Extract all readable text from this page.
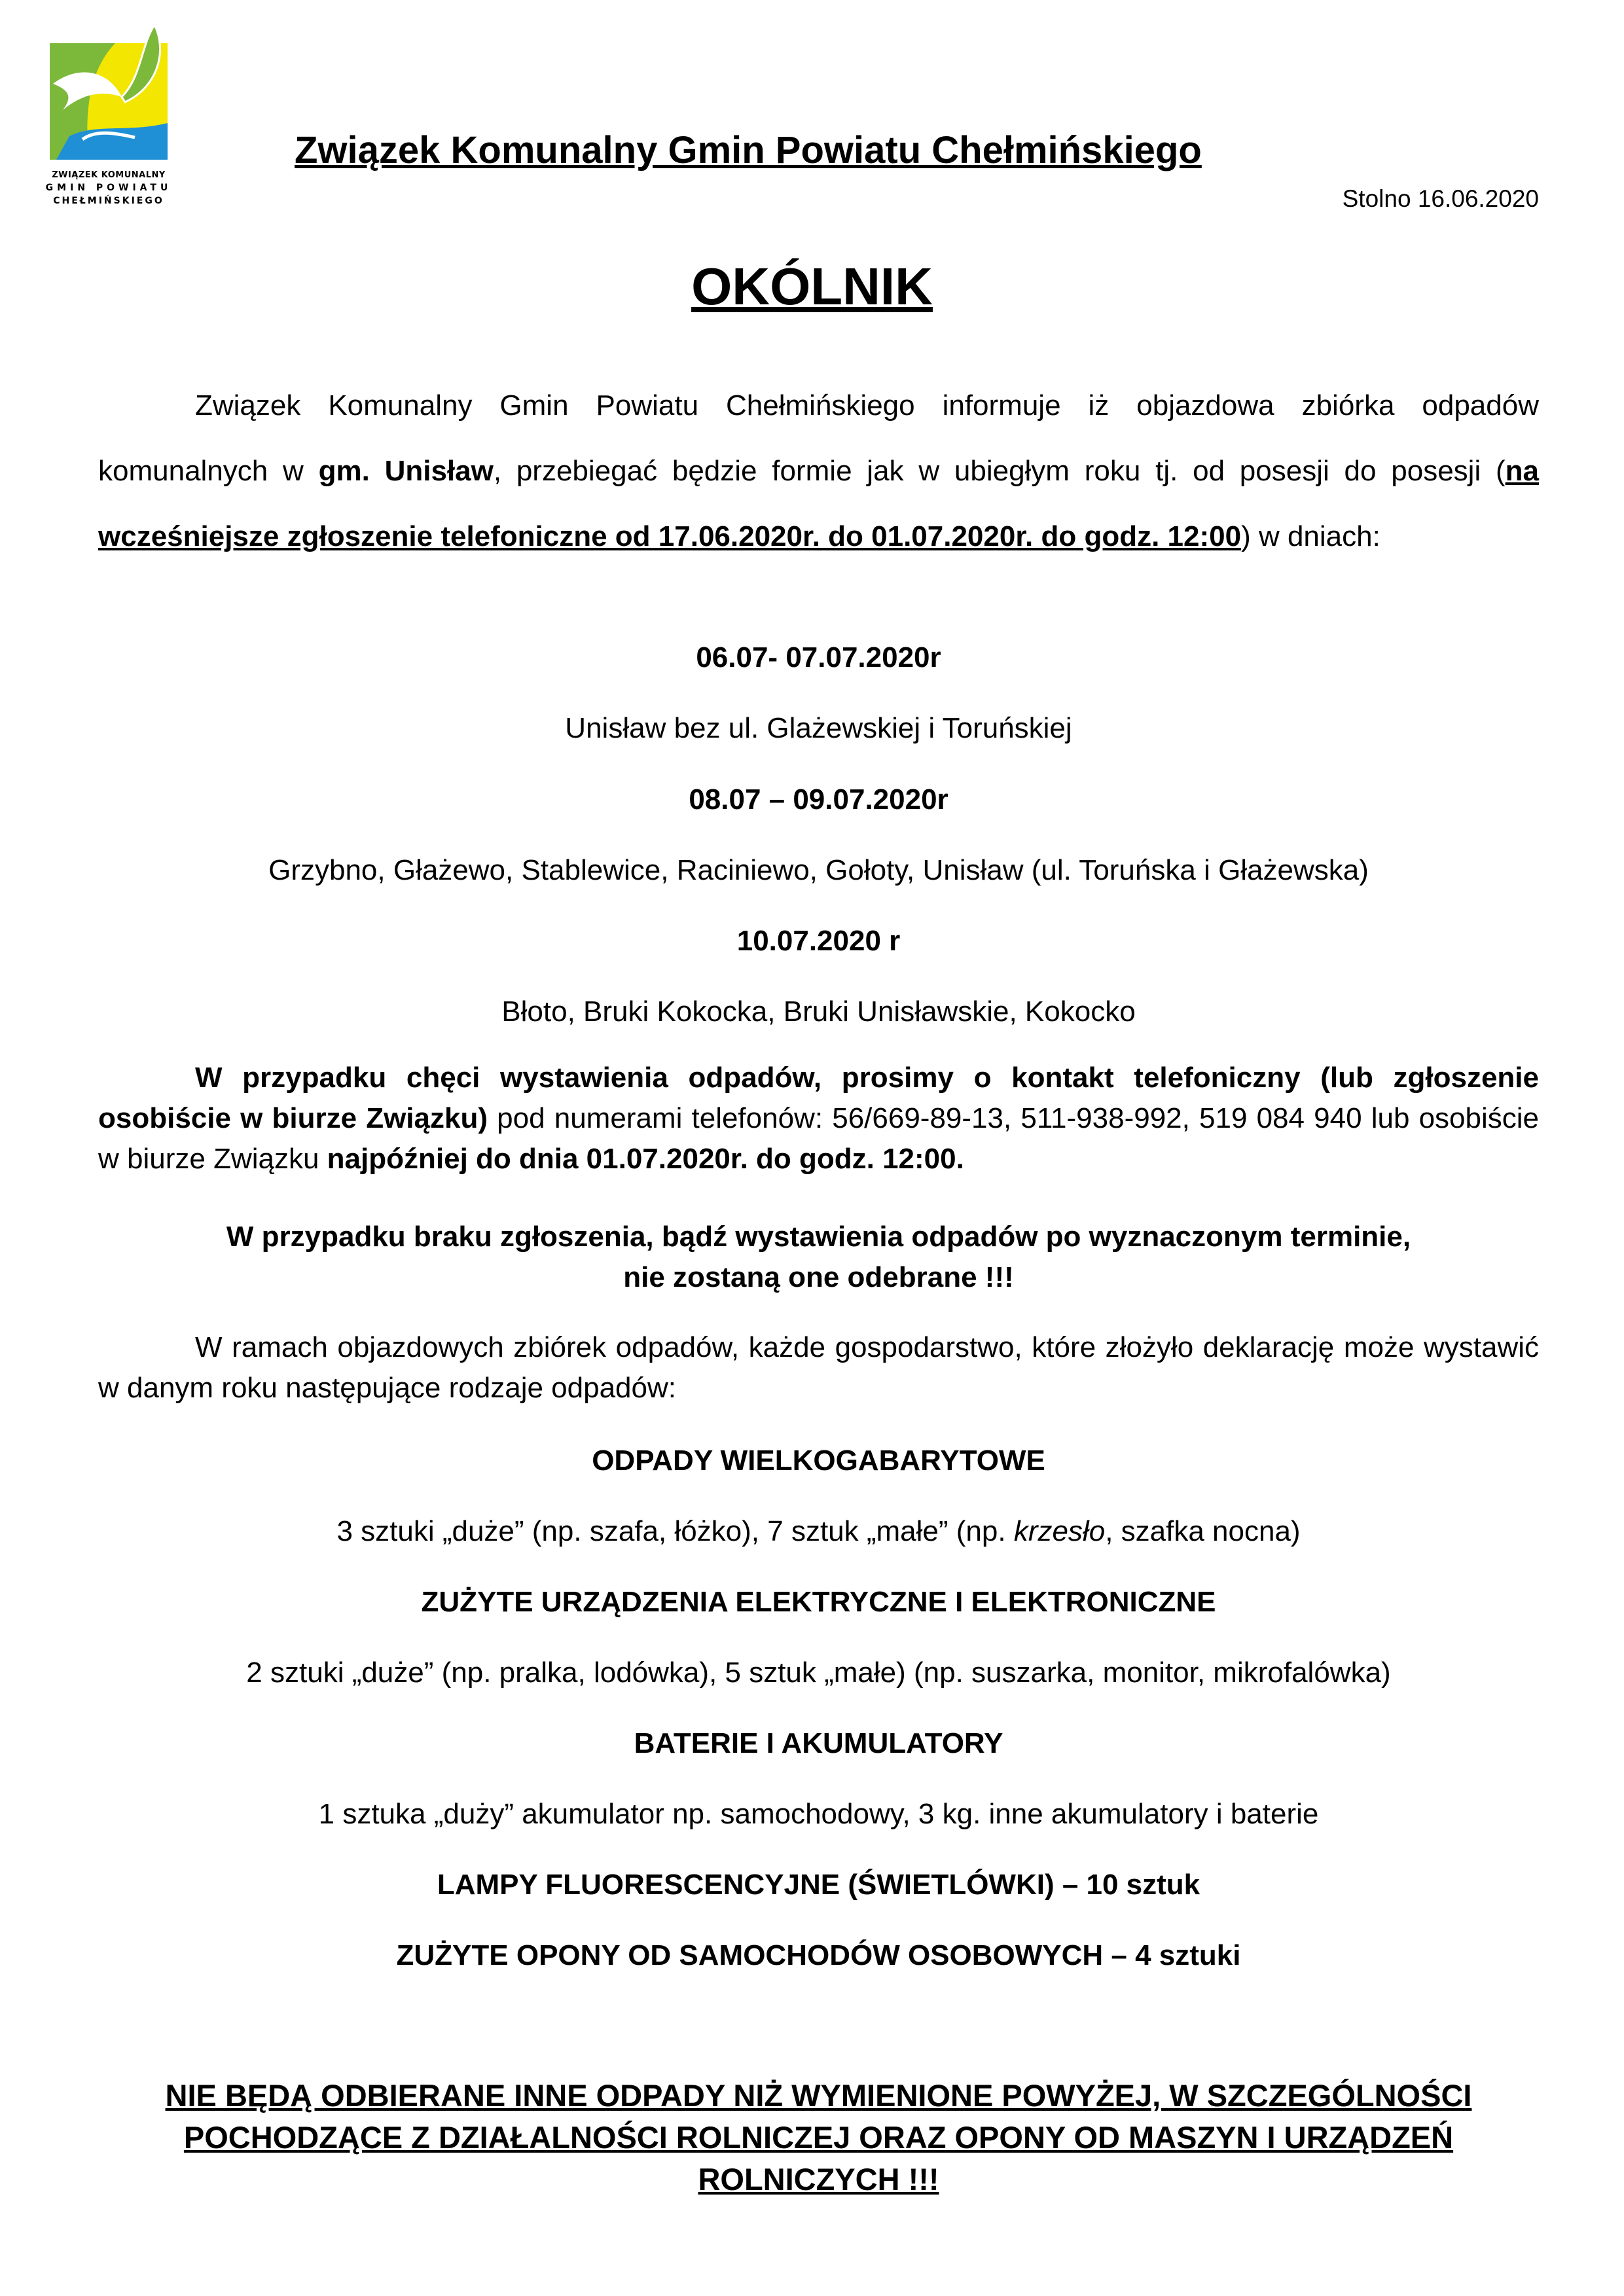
ZWIĄZEK KOMUNALNY
GMIN POWIATU
CHEŁMIŃSKIEGO
Związek Komunalny Gmin Powiatu Chełmińskiego
Stolno 16.06.2020
OKÓLNIK
Związek Komunalny Gmin Powiatu Chełmińskiego informuje iż objazdowa zbiórka odpadów komunalnych w gm. Unisław, przebiegać będzie formie jak w ubiegłym roku tj. od posesji do posesji (na wcześniejsze zgłoszenie telefoniczne od 17.06.2020r. do 01.07.2020r. do godz. 12:00) w dniach:
06.07- 07.07.2020r
Unisław bez ul. Glażewskiej i Toruńskiej
08.07 – 09.07.2020r
Grzybno, Głażewo, Stablewice, Raciniewo, Gołoty, Unisław (ul. Toruńska i Głażewska)
10.07.2020 r
Błoto, Bruki Kokocka, Bruki Unisławskie, Kokocko
W przypadku chęci wystawienia odpadów, prosimy o kontakt telefoniczny (lub zgłoszenie osobiście w biurze Związku) pod numerami telefonów: 56/669-89-13, 511-938-992, 519 084 940 lub osobiście w biurze Związku najpóźniej do dnia 01.07.2020r. do godz. 12:00.

W przypadku braku zgłoszenia, bądź wystawienia odpadów po wyznaczonym terminie,

nie zostaną one odebrane !!!

W ramach objazdowych zbiórek odpadów, każde gospodarstwo, które złożyło deklarację może wystawić w danym roku następujące rodzaje odpadów:
ODPADY WIELKOGABARYTOWE
3 sztuki „duże” (np. szafa, łóżko), 7 sztuk „małe” (np. krzesło, szafka nocna)
ZUŻYTE URZĄDZENIA ELEKTRYCZNE I ELEKTRONICZNE
2 sztuki „duże” (np. pralka, lodówka), 5 sztuk „małe) (np. suszarka, monitor, mikrofalówka)
BATERIE I AKUMULATORY
1 sztuka „duży” akumulator np. samochodowy, 3 kg. inne akumulatory i baterie
LAMPY FLUORESCENCYJNE (ŚWIETLÓWKI) – 10 sztuk
ZUŻYTE OPONY OD SAMOCHODÓW OSOBOWYCH – 4 sztuki

NIE BĘDĄ ODBIERANE INNE ODPADY NIŻ WYMIENIONE POWYŻEJ, W SZCZEGÓLNOŚCI

POCHODZĄCE Z DZIAŁALNOŚCI ROLNICZEJ ORAZ OPONY OD MASZYN I URZĄDZEŃ

ROLNICZYCH !!!
